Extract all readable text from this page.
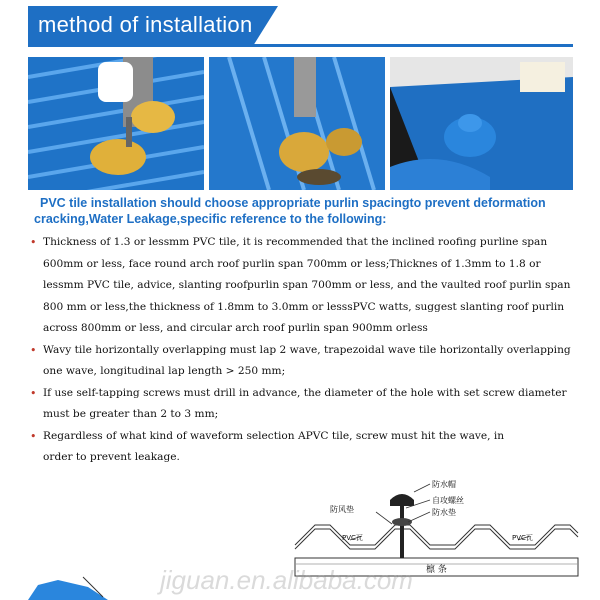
method of installation
PVC tile installation should choose appropriate purlin spacingto prevent deformation
cracking,Water Leakage,specific reference to the following:
• Thickness of 1.3 or lessmm PVC tile, it is recommended that the inclined roofing purline span 600mm or less, face round arch roof purlin span 700mm or less;Thicknes of 1.3mm to 1.8 or lessmm PVC tile, advice, slanting roofpurlin span 700mm or less, and the vaulted roof purlin span 800 mm or less,the thickness of 1.8mm to 3.0mm or lesssPVC watts, suggest slanting roof purlin across 800mm or less, and circular arch roof purlin span 900mm orless
• Wavy tile horizontally overlapping must lap 2 wave, trapezoidal wave tile horizontally overlapping one wave, longitudinal lap length > 250 mm;
• If use self-tapping screws must drill in advance, the diameter of the hole with set screw diameter must be greater than 2 to 3 mm;
• Regardless of what kind of waveform selection APVC tile, screw must hit the wave, in order to prevent leakage.
防水帽
自攻螺丝
防水垫
防风垫
PVC瓦	PVC瓦
檩 条
jiguan.en.alibaba.com
